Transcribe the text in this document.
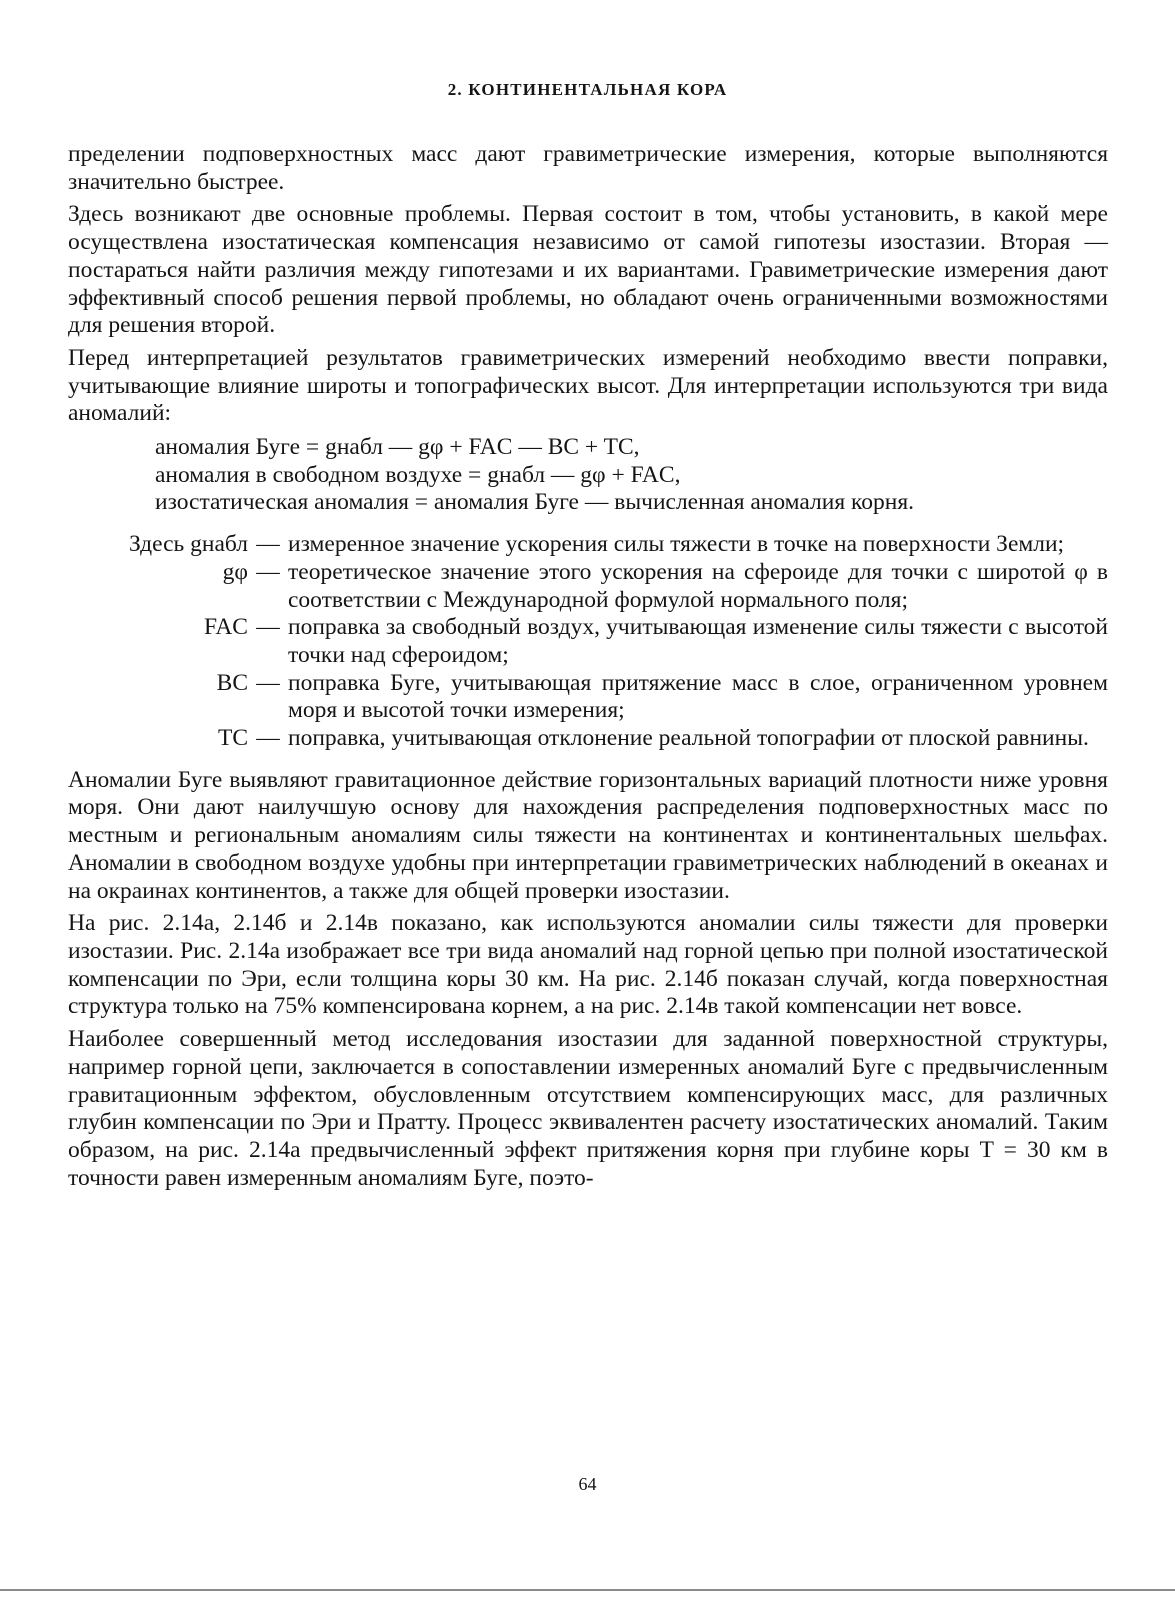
2. КОНТИНЕНТАЛЬНАЯ КОРА

пределении подповерхностных масс дают гравиметрические измерения, которые выполняются значительно быстрее.

Здесь возникают две основные проблемы. Первая состоит в том, чтобы установить, в какой мере осуществлена изостатическая компенсация независимо от самой гипотезы изостазии. Вторая — постараться найти различия между гипотезами и их вариантами. Гравиметрические измерения дают эффективный способ решения первой проблемы, но обладают очень ограниченными возможностями для решения второй.

Перед интерпретацией результатов гравиметрических измерений необходимо ввести поправки, учитывающие влияние широты и топографических высот. Для интерпретации используются три вида аномалий:

аномалия Буге = gнабл — gφ + FAC — BC + TC,
аномалия в свободном воздухе = gнабл — gφ + FAC,
изостатическая аномалия = аномалия Буге — вычисленная аномалия корня.
Здесь gнабл — измеренное значение ускорения силы тяжести в точке на поверхности Земли;
gφ — теоретическое значение этого ускорения на сфероиде для точки с широтой φ в соответствии с Международной формулой нормального поля;
FAC — поправка за свободный воздух, учитывающая изменение силы тяжести с высотой точки над сфероидом;
BC — поправка Буге, учитывающая притяжение масс в слое, ограниченном уровнем моря и высотой точки измерения;
TC — поправка, учитывающая отклонение реальной топографии от плоской равнины.

Аномалии Буге выявляют гравитационное действие горизонтальных вариаций плотности ниже уровня моря. Они дают наилучшую основу для нахождения распределения подповерхностных масс по местным и региональным аномалиям силы тяжести на континентах и континентальных шельфах. Аномалии в свободном воздухе удобны при интерпретации гравиметрических наблюдений в океанах и на окраинах континентов, а также для общей проверки изостазии.

На рис. 2.14а, 2.14б и 2.14в показано, как используются аномалии силы тяжести для проверки изостазии. Рис. 2.14а изображает все три вида аномалий над горной цепью при полной изостатической компенсации по Эри, если толщина коры 30 км. На рис. 2.14б показан случай, когда поверхностная структура только на 75% компенсирована корнем, а на рис. 2.14в такой компенсации нет вовсе.

Наиболее совершенный метод исследования изостазии для заданной поверхностной структуры, например горной цепи, заключается в сопоставлении измеренных аномалий Буге с предвычисленным гравитационным эффектом, обусловленным отсутствием компенсирующих масс, для различных глубин компенсации по Эри и Пратту. Процесс эквивалентен расчету изостатических аномалий. Таким образом, на рис. 2.14а предвычисленный эффект притяжения корня при глубине коры T = 30 км в точности равен измеренным аномалиям Буге, поэто-

64
